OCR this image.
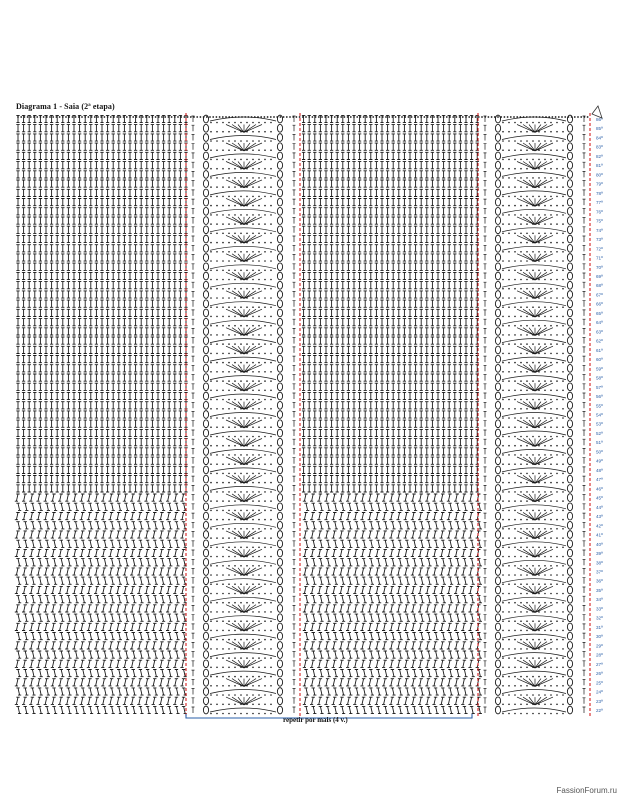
Diagrama 1 - Saia (2ª etapa)
86ª
85ª
84ª
83ª
82ª
81ª
80ª
79ª
78ª
77ª
76ª
75ª
74ª
73ª
72ª
71ª
70ª
69ª
68ª
67ª
66ª
65ª
64ª
63ª
62ª
61ª
60ª
59ª
58ª
57ª
56ª
55ª
54ª
53ª
52ª
51ª
50ª
49ª
48ª
47ª
46ª
45ª
44ª
43ª
42ª
41ª
40ª
39ª
38ª
37ª
36ª
35ª
34ª
33ª
32ª
31ª
30ª
29ª
28ª
27ª
26ª
25ª
24ª
23ª
22ª
repetir por mais (4 v.)
FassionForum.ru
